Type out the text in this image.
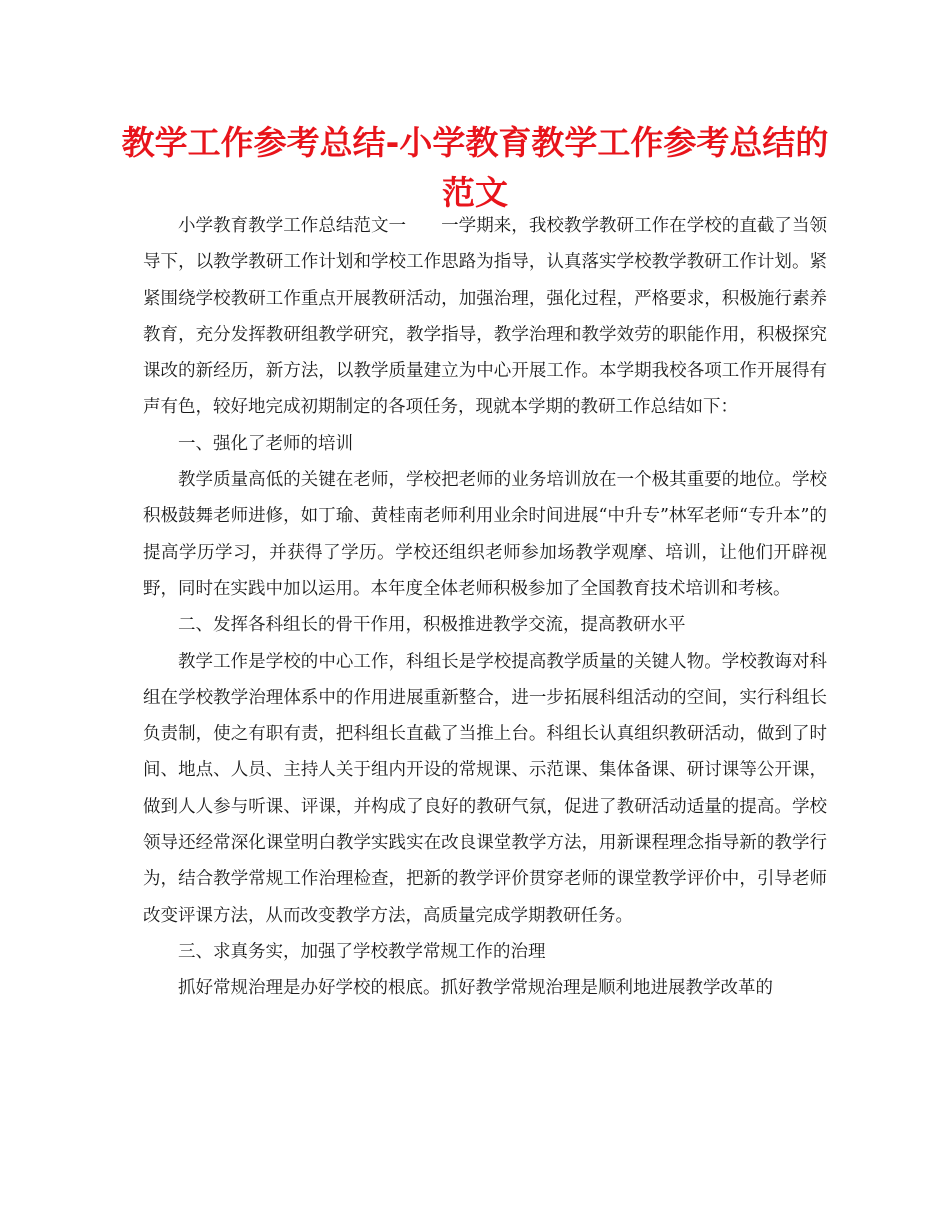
教学工作参考总结-小学教育教学工作参考总结的范文

小学教育教学工作总结范文一　　一学期来，我校教学教研工作在学校的直截了当领导下，以教学教研工作计划和学校工作思路为指导，认真落实学校教学教研工作计划。紧紧围绕学校教研工作重点开展教研活动，加强治理，强化过程，严格要求，积极施行素养教育，充分发挥教研组教学研究，教学指导，教学治理和教学效劳的职能作用，积极探究课改的新经历，新方法，以教学质量建立为中心开展工作。本学期我校各项工作开展得有声有色，较好地完成初期制定的各项任务，现就本学期的教研工作总结如下：

一、强化了老师的培训

教学质量高低的关键在老师，学校把老师的业务培训放在一个极其重要的地位。学校积极鼓舞老师进修，如丁瑜、黄桂南老师利用业余时间进展“中升专”林军老师“专升本”的提高学历学习，并获得了学历。学校还组织老师参加场教学观摩、培训，让他们开辟视野，同时在实践中加以运用。本年度全体老师积极参加了全国教育技术培训和考核。

二、发挥各科组长的骨干作用，积极推进教学交流，提高教研水平

教学工作是学校的中心工作，科组长是学校提高教学质量的关键人物。学校教诲对科组在学校教学治理体系中的作用进展重新整合，进一步拓展科组活动的空间，实行科组长负责制，使之有职有责，把科组长直截了当推上台。科组长认真组织教研活动，做到了时间、地点、人员、主持人关于组内开设的常规课、示范课、集体备课、研讨课等公开课，做到人人参与听课、评课，并构成了良好的教研气氛，促进了教研活动适量的提高。学校领导还经常深化课堂明白教学实践实在改良课堂教学方法，用新课程理念指导新的教学行为，结合教学常规工作治理检查，把新的教学评价贯穿老师的课堂教学评价中，引导老师改变评课方法，从而改变教学方法，高质量完成学期教研任务。

三、求真务实，加强了学校教学常规工作的治理

抓好常规治理是办好学校的根底。抓好教学常规治理是顺利地进展教学改革的
